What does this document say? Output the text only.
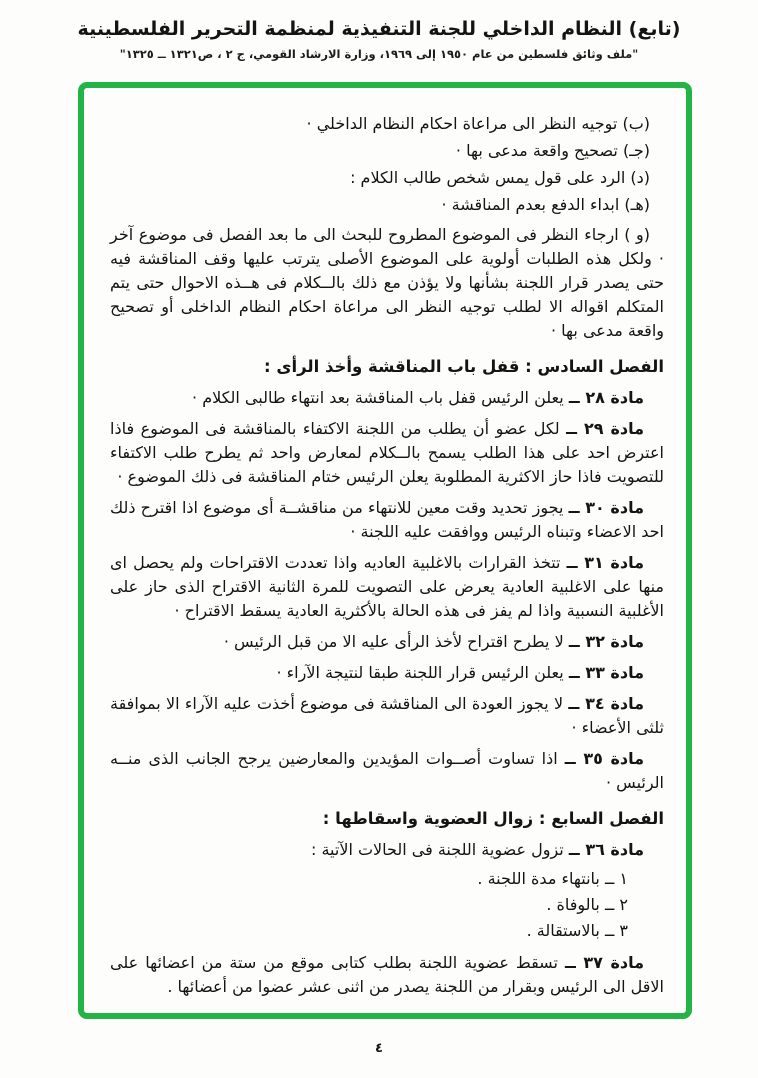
(تابع) النظام الداخلي للجنة التنفيذية لمنظمة التحرير الفلسطينية
"ملف وثائق فلسطين من عام ١٩٥٠ إلى ١٩٦٩، وزارة الارشاد القومي، ج ٢ ، ص١٣٢١ ــ ١٣٢٥"

(ب) توجيه النظر الى مراعاة احكام النظام الداخلي ·

(جـ) تصحيح واقعة مدعى بها ·

(د) الرد على قول يمس شخص طالب الكلام :

(هـ) ابداء الدفع بعدم المناقشة ·

(و ) ارجاء النظر فى الموضوع المطروح للبحث الى ما بعد الفصل فى موضوع آخر · ولكل هذه الطلبات أولوية على الموضوع الأصلى يترتب عليها وقف المناقشة فيه حتى يصدر قرار اللجنة بشأنها ولا يؤذن مع ذلك بالــكلام فى هــذه الاحوال حتى يتم المتكلم اقواله الا لطلب توجيه النظر الى مراعاة احكام النظام الداخلى أو تصحيح واقعة مدعى بها ·

الفصل السادس : قفل باب المناقشة وأخذ الرأى :

مادة ٢٨ ــ يعلن الرئيس قفل باب المناقشة بعد انتهاء طالبى الكلام ·

مادة ٢٩ ــ لكل عضو أن يطلب من اللجنة الاكتفاء بالمناقشة فى الموضوع فاذا اعترض احد على هذا الطلب يسمح بالــكلام لمعارض واحد ثم يطرح طلب الاكتفاء للتصويت فاذا حاز الاكثرية المطلوبة يعلن الرئيس ختام المناقشة فى ذلك الموضوع ·

مادة ٣٠ ــ يجوز تحديد وقت معين للانتهاء من مناقشــة أى موضوع اذا اقترح ذلك احد الاعضاء وتبناه الرئيس ووافقت عليه اللجنة ·

مادة ٣١ ــ تتخذ القرارات بالاغلبية العاديه واذا تعددت الاقتراحات ولم يحصل اى منها على الاغلبية العادية يعرض على التصويت للمرة الثانية الاقتراح الذى حاز على الأغلبية النسبية واذا لم يفز فى هذه الحالة بالأكثرية العادية يسقط الاقتراح ·

مادة ٣٢ ــ لا يطرح اقتراح لأخذ الرأى عليه الا من قبل الرئيس ·

مادة ٣٣ ــ يعلن الرئيس قرار اللجنة طبقا لنتيجة الآراء ·

مادة ٣٤ ــ لا يجوز العودة الى المناقشة فى موضوع أخذت عليه الآراء الا بموافقة ثلثى الأعضاء ·

مادة ٣٥ ــ اذا تساوت أصــوات المؤيدين والمعارضين يرجح الجانب الذى منــه الرئيس ·

الفصل السابع : زوال العضوية واسقاطها :

مادة ٣٦ ــ تزول عضوية اللجنة فى الحالات الآتية :

١ ــ بانتهاء مدة اللجنة .

٢ ــ بالوفاة .

٣ ــ بالاستقالة .

مادة ٣٧ ــ تسقط عضوية اللجنة بطلب كتابى موقع من ستة من اعضائها على الاقل الى الرئيس وبقرار من اللجنة يصدر من اثنى عشر عضوا من أعضائها .

٤
